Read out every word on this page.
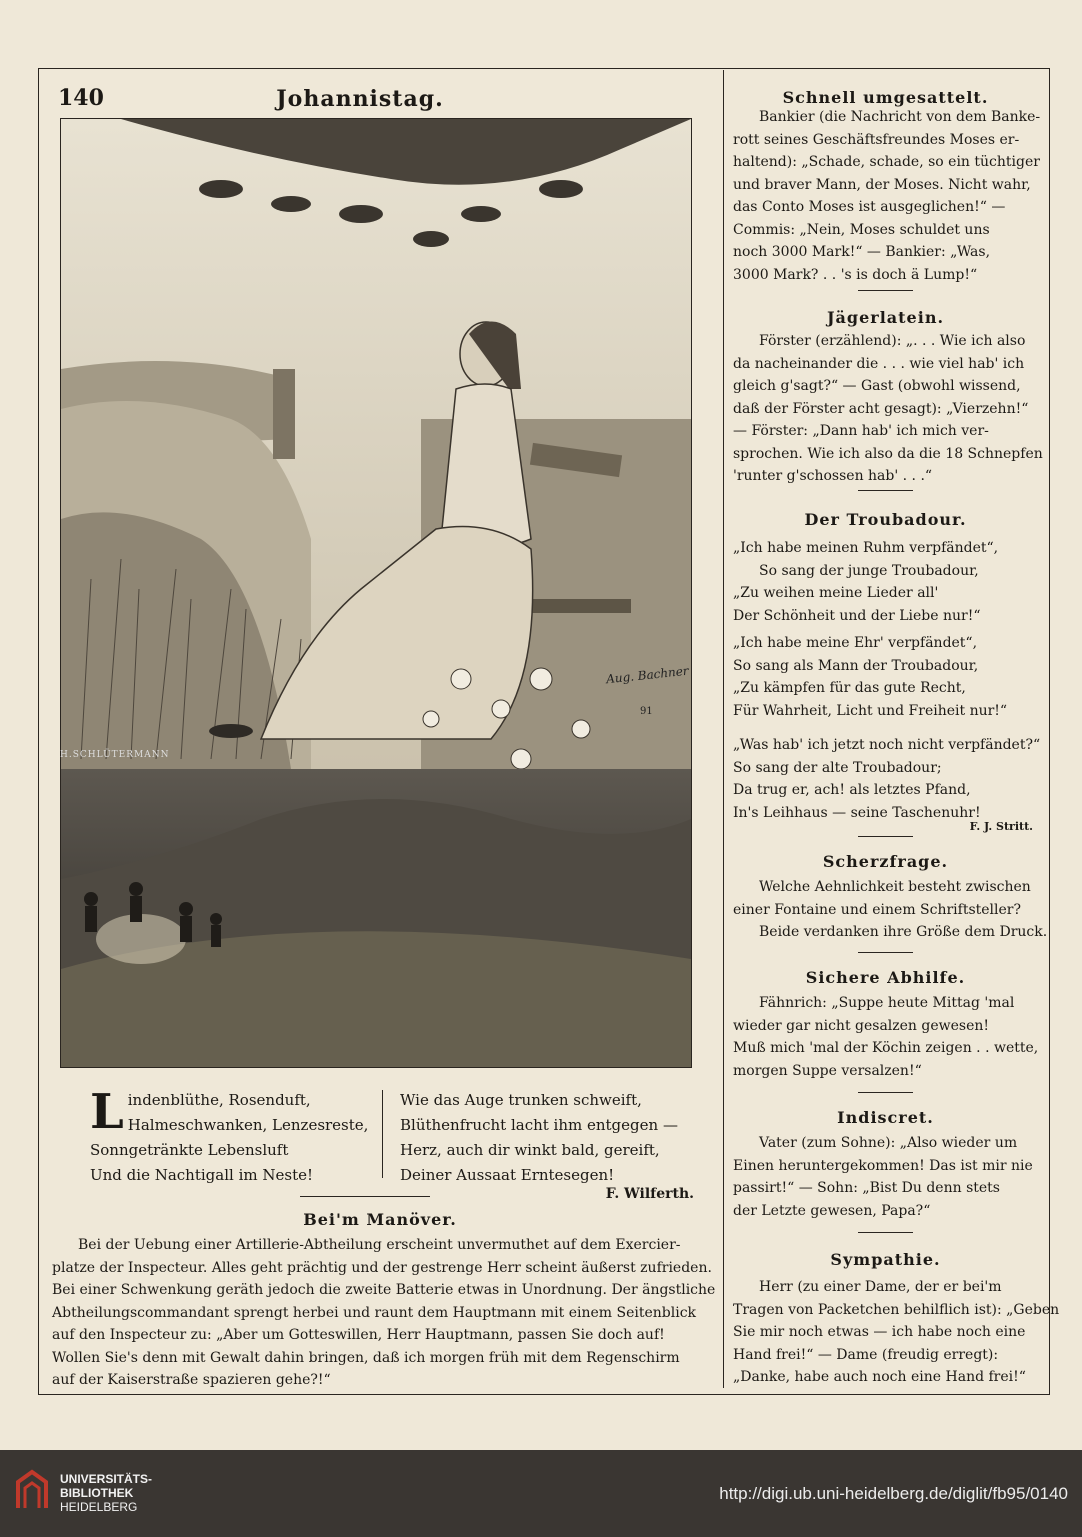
140	Johannistag.
Aug. Bachner
91
H.SCHLÜTERMANN
L indenblüthe, Rosenduft,
Halmeschwanken, Lenzesreste,
Sonngetränkte Lebensluft
Und die Nachtigall im Neste!
Wie das Auge trunken schweift,
Blüthenfrucht lacht ihm entgegen —
Herz, auch dir winkt bald, gereift,
Deiner Aussaat Erntesegen!
F. Wilferth.
Bei'm Manöver.
Bei der Uebung einer Artillerie-Abtheilung erscheint unvermuthet auf dem Exercier-
platze der Inspecteur. Alles geht prächtig und der gestrenge Herr scheint äußerst zufrieden.
Bei einer Schwenkung geräth jedoch die zweite Batterie etwas in Unordnung. Der ängstliche
Abtheilungscommandant sprengt herbei und raunt dem Hauptmann mit einem Seitenblick
auf den Inspecteur zu: „Aber um Gotteswillen, Herr Hauptmann, passen Sie doch auf!
Wollen Sie's denn mit Gewalt dahin bringen, daß ich morgen früh mit dem Regenschirm
auf der Kaiserstraße spazieren gehe?!“
Schnell umgesattelt.
Bankier (die Nachricht von dem Banke-
rott seines Geschäftsfreundes Moses er-
haltend): „Schade, schade, so ein tüchtiger
und braver Mann, der Moses. Nicht wahr,
das Conto Moses ist ausgeglichen!“ —
Commis: „Nein, Moses schuldet uns
noch 3000 Mark!“ — Bankier: „Was,
3000 Mark? . . 's is doch ä Lump!“
Jägerlatein.
Förster (erzählend): „. . . Wie ich also
da nacheinander die . . . wie viel hab' ich
gleich g'sagt?“ — Gast (obwohl wissend,
daß der Förster acht gesagt): „Vierzehn!“
— Förster: „Dann hab' ich mich ver-
sprochen. Wie ich also da die 18 Schnepfen
'runter g'schossen hab' . . .“
Der Troubadour.
„Ich habe meinen Ruhm verpfändet“,
So sang der junge Troubadour,
„Zu weihen meine Lieder all'
Der Schönheit und der Liebe nur!“
„Ich habe meine Ehr' verpfändet“,
So sang als Mann der Troubadour,
„Zu kämpfen für das gute Recht,
Für Wahrheit, Licht und Freiheit nur!“
„Was hab' ich jetzt noch nicht verpfändet?“
So sang der alte Troubadour;
Da trug er, ach! als letztes Pfand,
In's Leihhaus — seine Taschenuhr!
F. J. Stritt.
Scherzfrage.
Welche Aehnlichkeit besteht zwischen
einer Fontaine und einem Schriftsteller?
Beide verdanken ihre Größe dem Druck.
Sichere Abhilfe.
Fähnrich: „Suppe heute Mittag 'mal
wieder gar nicht gesalzen gewesen!
Muß mich 'mal der Köchin zeigen . . wette,
morgen Suppe versalzen!“
Indiscret.
Vater (zum Sohne): „Also wieder um
Einen heruntergekommen! Das ist mir nie
passirt!“ — Sohn: „Bist Du denn stets
der Letzte gewesen, Papa?“
Sympathie.
Herr (zu einer Dame, der er bei'm
Tragen von Packetchen behilflich ist): „Geben
Sie mir noch etwas — ich habe noch eine
Hand frei!“ — Dame (freudig erregt):
„Danke, habe auch noch eine Hand frei!“
UNIVERSITÄTS-
BIBLIOTHEK
HEIDELBERG
http://digi.ub.uni-heidelberg.de/diglit/fb95/0140
